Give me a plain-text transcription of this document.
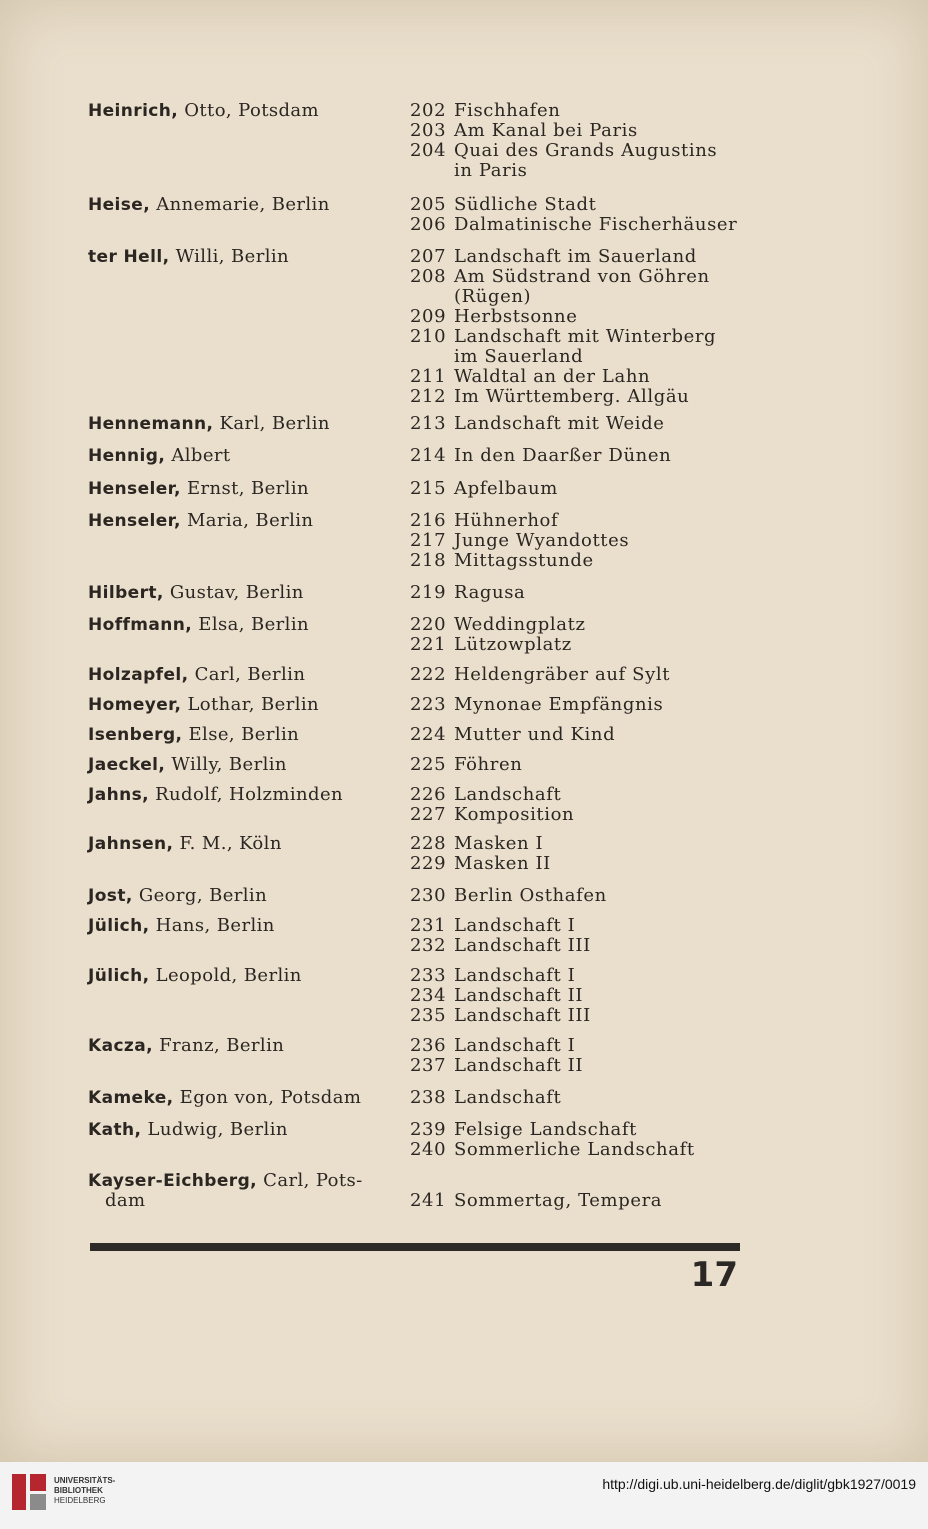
Heinrich, Otto, Potsdam	202 Fischhafen
203 Am Kanal bei Paris
204 Quai des Grands Augustins
in Paris
Heise, Annemarie, Berlin	205 Südliche Stadt
206 Dalmatinische Fischerhäuser
ter Hell, Willi, Berlin	207 Landschaft im Sauerland
208 Am Südstrand von Göhren
(Rügen)
209 Herbstsonne
210 Landschaft mit Winterberg
im Sauerland
211 Waldtal an der Lahn
212 Im Württemberg. Allgäu
Hennemann, Karl, Berlin	213 Landschaft mit Weide
Hennig, Albert	214 In den Daarßer Dünen
Henseler, Ernst, Berlin	215 Apfelbaum
Henseler, Maria, Berlin	216 Hühnerhof
217 Junge Wyandottes
218 Mittagsstunde
Hilbert, Gustav, Berlin	219 Ragusa
Hoffmann, Elsa, Berlin	220 Weddingplatz
221 Lützowplatz
Holzapfel, Carl, Berlin	222 Heldengräber auf Sylt
Homeyer, Lothar, Berlin	223 Mynonae Empfängnis
Isenberg, Else, Berlin	224 Mutter und Kind
Jaeckel, Willy, Berlin	225 Föhren
Jahns, Rudolf, Holzminden	226 Landschaft
227 Komposition
Jahnsen, F. M., Köln	228 Masken I
229 Masken II
Jost, Georg, Berlin	230 Berlin Osthafen
Jülich, Hans, Berlin	231 Landschaft I
232 Landschaft III
Jülich, Leopold, Berlin	233 Landschaft I
234 Landschaft II
235 Landschaft III
Kacza, Franz, Berlin	236 Landschaft I
237 Landschaft II
Kameke, Egon von, Potsdam	238 Landschaft
Kath, Ludwig, Berlin	239 Felsige Landschaft
240 Sommerliche Landschaft
Kayser-Eichberg, Carl, Pots-
dam	241 Sommertag, Tempera
17
UNIVERSITÄTS-
BIBLIOTHEK
HEIDELBERG
http://digi.ub.uni-heidelberg.de/diglit/gbk1927/0019
